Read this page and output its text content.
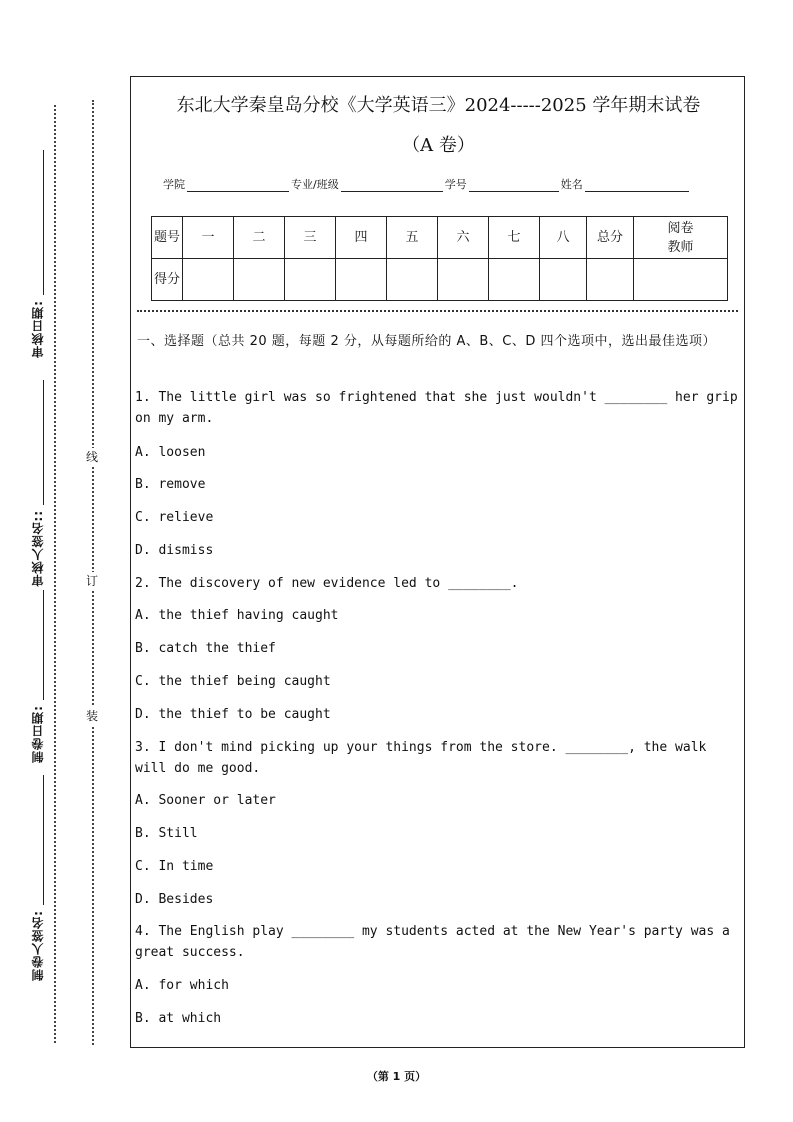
审核日期:
审核人签名::
制卷日期:
制卷人签名:
线
订
装
东北大学秦皇岛分校《大学英语三》2024-----2025 学年期末试卷
（A 卷）
学院	专业/班级	学号	姓名
题号	一	二	三	四	五	六	七	八	总分	阅卷教师
得分										
一、选择题（总共 20 题，每题 2 分，从每题所给的 A、B、C、D 四个选项中，选出最佳选项）
1. The little girl was so frightened that she just wouldn't ________ her grip on my arm.
A. loosen
B. remove
C. relieve
D. dismiss
2. The discovery of new evidence led to ________.
A. the thief having caught
B. catch the thief
C. the thief being caught
D. the thief to be caught
3. I don't mind picking up your things from the store. ________, the walk will do me good.
A. Sooner or later
B. Still
C. In time
D. Besides
4. The English play ________ my students acted at the New Year's party was a great success.
A. for which
B. at which
（第 1 页）
